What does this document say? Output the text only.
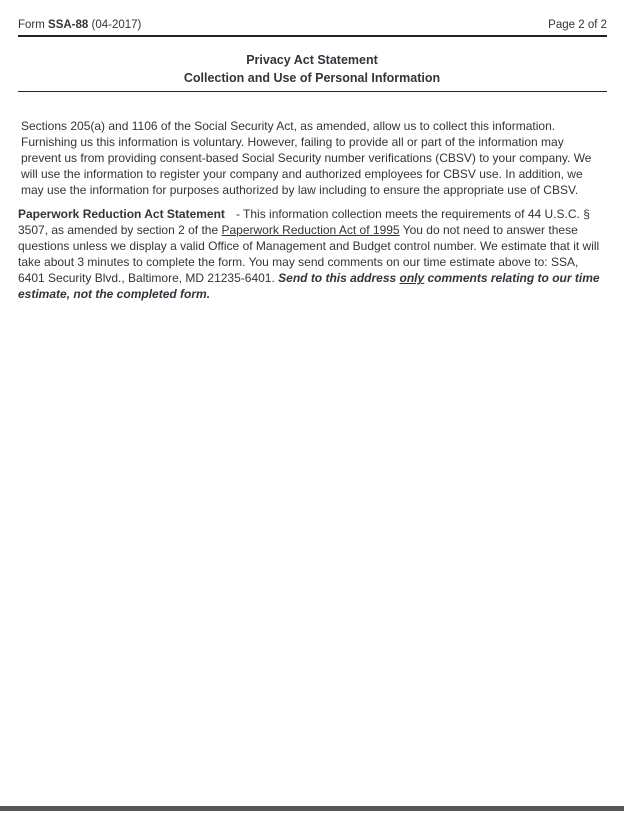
Form SSA-88 (04-2017)	Page 2 of 2
Privacy Act Statement
Collection and Use of Personal Information

Sections 205(a) and 1106 of the Social Security Act, as amended, allow us to collect this information. Furnishing us this information is voluntary. However, failing to provide all or part of the information may prevent us from providing consent-based Social Security number verifications (CBSV) to your company. We will use the information to register your company and authorized employees for CBSV use. In addition, we may use the information for purposes authorized by law including to ensure the appropriate use of CBSV.

Paperwork Reduction Act Statement - This information collection meets the requirements of 44 U.S.C. § 3507, as amended by section 2 of the Paperwork Reduction Act of 1995 You do not need to answer these questions unless we display a valid Office of Management and Budget control number. We estimate that it will take about 3 minutes to complete the form. You may send comments on our time estimate above to: SSA, 6401 Security Blvd., Baltimore, MD 21235-6401. Send to this address only comments relating to our time estimate, not the completed form.
